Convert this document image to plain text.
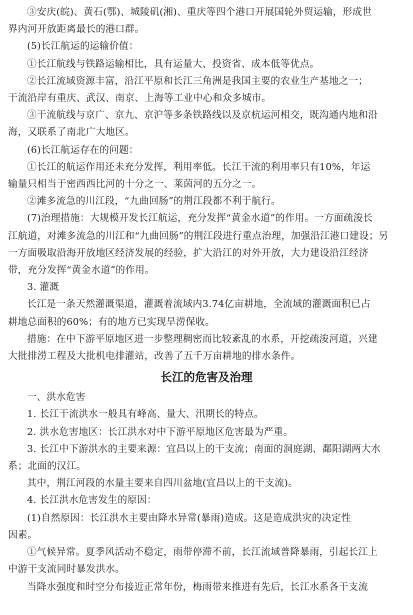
③安庆(皖)、黄石(鄂)、城陵矶(湘)、重庆等四个港口开展国轮外贸运输，形成世
界内河开放距离最长的港口群。
(5)长江航运的运输价值：
①长江航线与铁路运输相比，具有运量大、投资省、成本低等优点。
②长江流域资源丰富，沿江平原和长江三角洲是我国主要的农业生产基地之一；
干流沿岸有重庆、武汉、南京、上海等工业中心和众多城市。
③干流航线与京广、京九、京沪等多条铁路线以及京杭运河相交，既沟通内地和沿
海，又联系了南北广大地区。
(6)长江航运存在的问题：
①长江的航运作用还未充分发挥，利用率低。长江干流的利用率只有10%，年运
输量只相当于密西西比河的十分之一、莱茵河的五分之一。
②滩多流急的川江段，“九曲回肠”的荆江段都不利于航行。
(7)治理措施：大规模开发长江航运，充分发挥“黄金水道”的作用。一方面疏浚长
江航道，对滩多流急的川江和“九曲回肠”的荆江段进行重点治理，加强沿江港口建设；另
一方面吸取沿海开放地区经济发展的经验，扩大沿江的对外开放，大力建设沿江经济
带，充分发挥“黄金水道”的作用。
3. 灌溉
长江是一条天然灌溉渠道，灌溉着流域内3.74亿亩耕地，全流域的灌溉面积已占
耕地总面积的60%；有的地方已实现旱涝保收。
措施：在中下游平原地区进一步整理稠密而比较紊乱的水系，开挖疏浚河道，兴建
大批排涝工程及大批机电排灌站，改善了五千万亩耕地的排水条件。
长江的危害及治理
一、洪水危害
1. 长江干流洪水一般具有峰高、量大、汛期长的特点。
2. 洪水危害地区：长江洪水对中下游平原地区危害最为严重。
3. 长江中下游洪水的主要来源：宜昌以上的干支流；南面的洞庭湖、鄱阳湖两大水
系；北面的汉江。
其中，荆江河段的水量主要来自四川盆地(宜昌以上的干支流)。
4. 长江洪水危害发生的原因：
(1)自然原因：长江洪水主要由降水异常(暴雨)造成。这是造成洪灾的决定性
因素。
①气候异常。夏季风活动不稳定，雨带停滞不前，长江流域普降暴雨，引起长江上
中游干支流同时暴发洪水。
当降水强度和时空分布接近正常年份，梅雨带来推进有先后，长江水系各干支流
